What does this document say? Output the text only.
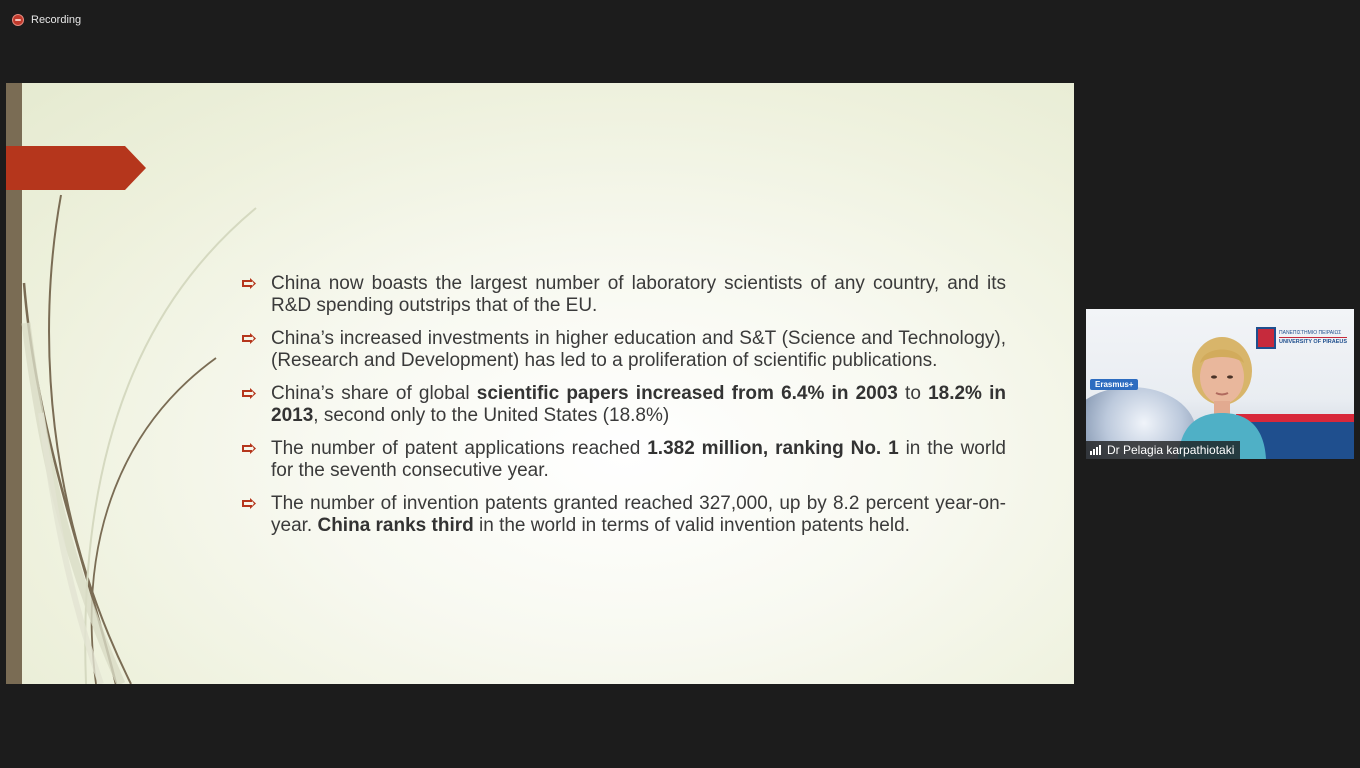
Recording
China now boasts the largest number of laboratory scientists of any country, and its R&D spending outstrips that of the EU.
China’s increased investments in higher education and S&T (Science and Technology), (Research and Development) has led to a proliferation of scientific publications.
China’s share of global scientific papers increased from 6.4% in 2003 to 18.2% in 2013, second only to the United States (18.8%)
The number of patent applications reached 1.382 million, ranking No. 1 in the world for the seventh consecutive year.
The number of invention patents granted reached 327,000, up by 8.2 percent year-on-year. China ranks third in the world in terms of valid invention patents held.
Erasmus+
ΠΑΝΕΠΙΣΤΗΜΙΟ ΠΕΙΡΑΙΩΣ
UNIVERSITY OF PIRAEUS
Dr Pelagia karpathiotaki
